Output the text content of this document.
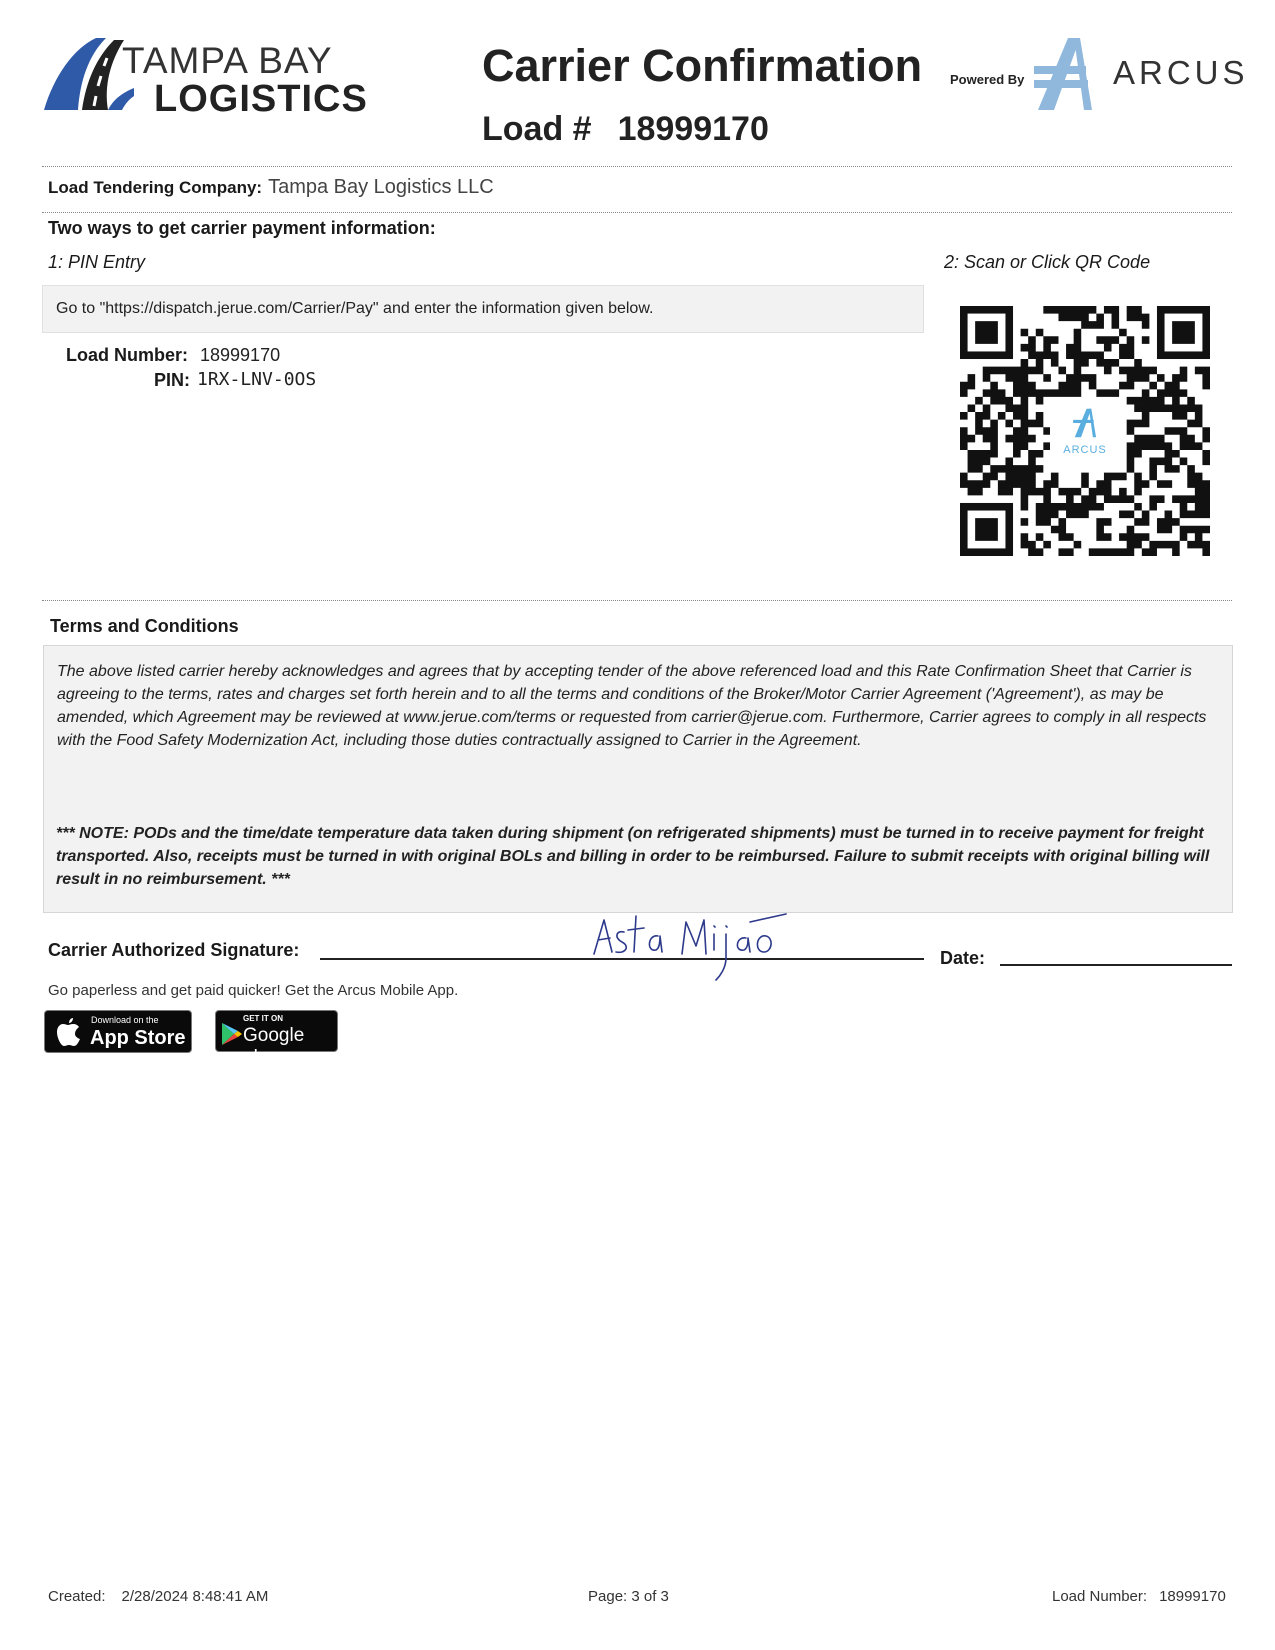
TAMPA BAY
LOGISTICS
Carrier Confirmation
Load # 18999170
Powered By	ARCUS
Load Tendering Company: Tampa Bay Logistics LLC
Two ways to get carrier payment information:
1: PIN Entry	2: Scan or Click QR Code
Go to "https://dispatch.jerue.com/Carrier/Pay" and enter the information given below.
Load Number: 18999170
PIN: 1RX-LNV-0OS
ARCUS
Terms and Conditions
The above listed carrier hereby acknowledges and agrees that by accepting tender of the above referenced load and this Rate Confirmation Sheet that Carrier is agreeing to the terms, rates and charges set forth herein and to all the terms and conditions of the Broker/Motor Carrier Agreement ('Agreement'), as may be amended, which Agreement may be reviewed at www.jerue.com/terms or requested from carrier@jerue.com. Furthermore, Carrier agrees to comply in all respects with the Food Safety Modernization Act, including those duties contractually assigned to Carrier in the Agreement.
*** NOTE: PODs and the time/date temperature data taken during shipment (on refrigerated shipments) must be turned in to receive payment for freight transported. Also, receipts must be turned in with original BOLs and billing in order to be reimbursed. Failure to submit receipts with original billing will result in no reimbursement. ***
Carrier Authorized Signature:	Date:
Go paperless and get paid quicker! Get the Arcus Mobile App.
Download on the
App Store
GET IT ON
Google play
Created: 2/28/2024 8:48:41 AM	Page: 3 of 3	Load Number: 18999170
